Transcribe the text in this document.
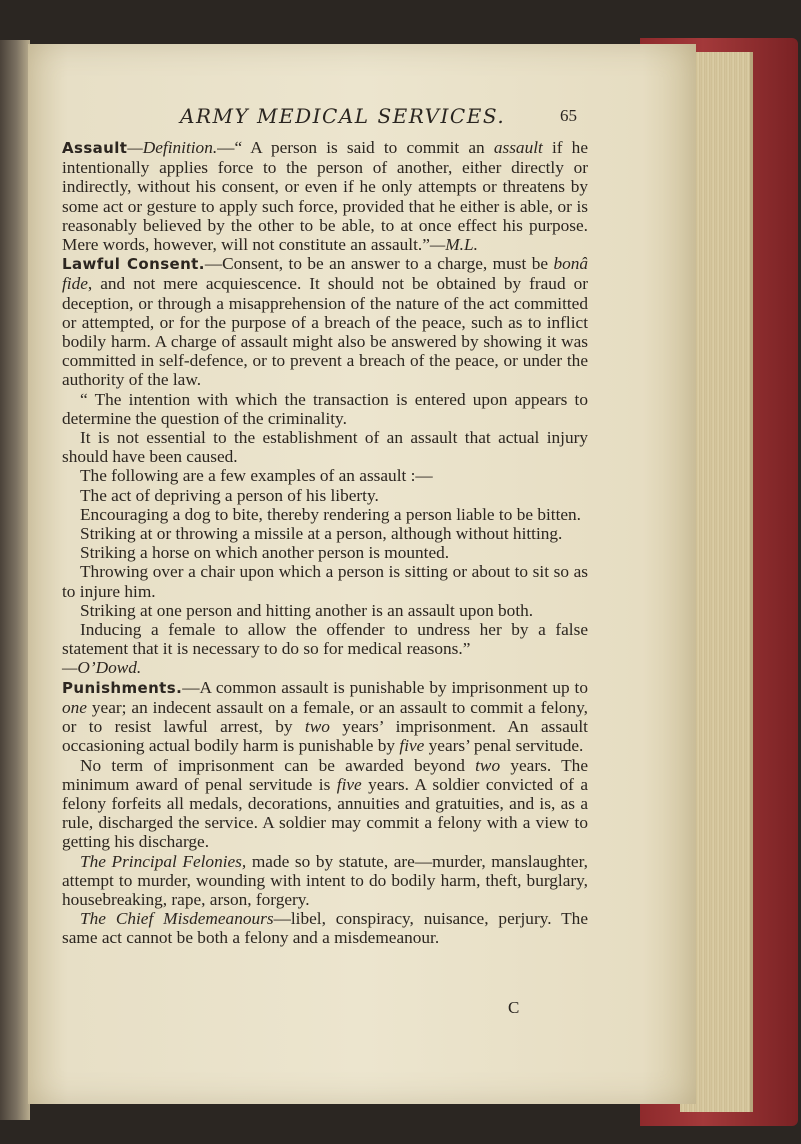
ARMY MEDICAL SERVICES.	65

Assault—Definition.—“ A person is said to commit an assault if he intentionally applies force to the person of another, either directly or indirectly, without his consent, or even if he only attempts or threatens by some act or gesture to apply such force, provided that he either is able, or is reasonably believed by the other to be able, to at once effect his purpose. Mere words, however, will not constitute an assault.”—M.L.

Lawful Consent.—Consent, to be an answer to a charge, must be bonâ fide, and not mere acquiescence. It should not be obtained by fraud or deception, or through a misapprehension of the nature of the act committed or attempted, or for the purpose of a breach of the peace, such as to inflict bodily harm. A charge of assault might also be answered by showing it was committed in self-defence, or to prevent a breach of the peace, or under the authority of the law.

“ The intention with which the transaction is entered upon appears to determine the question of the criminality.

It is not essential to the establishment of an assault that actual injury should have been caused.

The following are a few examples of an assault :—

The act of depriving a person of his liberty.

Encouraging a dog to bite, thereby rendering a person liable to be bitten.

Striking at or throwing a missile at a person, although without hitting.

Striking a horse on which another person is mounted.

Throwing over a chair upon which a person is sitting or about to sit so as to injure him.

Striking at one person and hitting another is an assault upon both.

Inducing a female to allow the offender to undress her by a false statement that it is necessary to do so for medical reasons.”

—O’Dowd.

Punishments.—A common assault is punishable by imprisonment up to one year; an indecent assault on a female, or an assault to commit a felony, or to resist lawful arrest, by two years’ imprisonment. An assault occasioning actual bodily harm is punishable by five years’ penal servitude.

No term of imprisonment can be awarded beyond two years. The minimum award of penal servitude is five years. A soldier convicted of a felony forfeits all medals, decorations, annuities and gratuities, and is, as a rule, discharged the service. A soldier may commit a felony with a view to getting his discharge.

The Principal Felonies, made so by statute, are—murder, manslaughter, attempt to murder, wounding with intent to do bodily harm, theft, burglary, housebreaking, rape, arson, forgery.

The Chief Misdemeanours—libel, conspiracy, nuisance, perjury. The same act cannot be both a felony and a misdemeanour.

C
